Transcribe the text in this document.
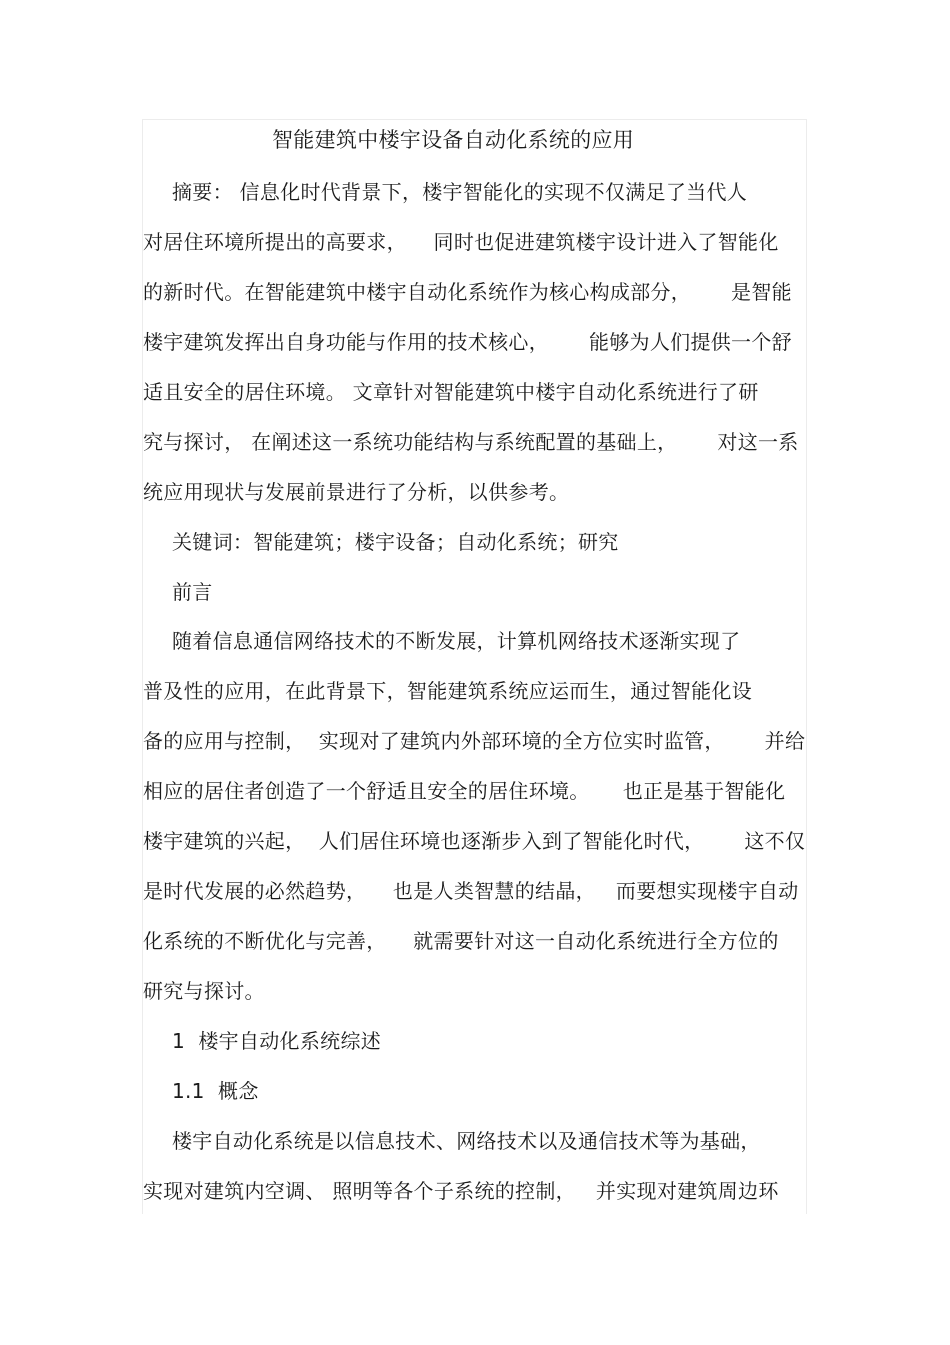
智能建筑中楼宇设备自动化系统的应用
摘要： 信息化时代背景下，楼宇智能化的实现不仅满足了当代人
对居住环境所提出的高要求，    同时也促进建筑楼宇设计进入了智能化
的新时代。在智能建筑中楼宇自动化系统作为核心构成部分，      是智能
楼宇建筑发挥出自身功能与作用的技术核心，      能够为人们提供一个舒
适且安全的居住环境。 文章针对智能建筑中楼宇自动化系统进行了研
究与探讨， 在阐述这一系统功能结构与系统配置的基础上，      对这一系
统应用现状与发展前景进行了分析，以供参考。
关键词：智能建筑；楼宇设备；自动化系统；研究
前言
随着信息通信网络技术的不断发展，计算机网络技术逐渐实现了
普及性的应用，在此背景下，智能建筑系统应运而生，通过智能化设
备的应用与控制，  实现对了建筑内外部环境的全方位实时监管，      并给
相应的居住者创造了一个舒适且安全的居住环境。     也正是基于智能化
楼宇建筑的兴起，  人们居住环境也逐渐步入到了智能化时代，      这不仅
是时代发展的必然趋势，    也是人类智慧的结晶，   而要想实现楼宇自动
化系统的不断优化与完善，    就需要针对这一自动化系统进行全方位的
研究与探讨。
1  楼宇自动化系统综述
1.1  概念
楼宇自动化系统是以信息技术、网络技术以及通信技术等为基础，
实现对建筑内空调、 照明等各个子系统的控制，   并实现对建筑周边环
